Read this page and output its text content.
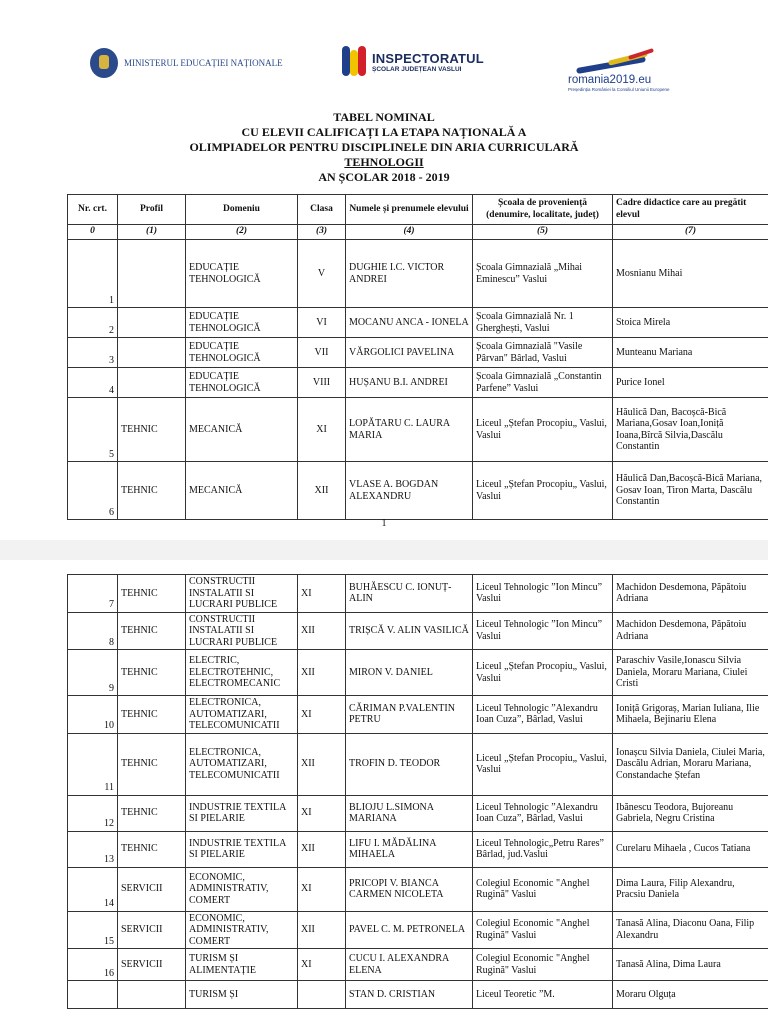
MINISTERUL EDUCAȚIEI NAȚIONALE	INSPECTORATUL
ȘCOLAR JUDEȚEAN VASLUI
romania2019.eu
Președinția României la Consiliul Uniunii Europene
TABEL NOMINAL
CU ELEVII CALIFICAȚI LA ETAPA NAȚIONALĂ A
OLIMPIADELOR PENTRU DISCIPLINELE DIN ARIA CURRICULARĂ
TEHNOLOGII
AN ȘCOLAR 2018 - 2019
Nr. crt.	Profil	Domeniu	Clasa	Numele și prenumele elevului	Școala de proveniență (denumire, localitate, județ)	Cadre didactice care au pregătit elevul
0	(1)	(2)	(3)	(4)	(5)	(7)
1		EDUCAȚIE TEHNOLOGICĂ	V	DUGHIE I.C. VICTOR ANDREI	Școala Gimnazială „Mihai Eminescu” Vaslui	Mosnianu Mihai
2		EDUCAȚIE TEHNOLOGICĂ	VI	MOCANU ANCA - IONELA	Școala Gimnazială Nr. 1 Gherghești, Vaslui	Stoica Mirela
3		EDUCAȚIE TEHNOLOGICĂ	VII	VĂRGOLICI PAVELINA	Școala Gimnazială "Vasile Pârvan" Bârlad, Vaslui	Munteanu Mariana
4		EDUCAȚIE TEHNOLOGICĂ	VIII	HUȘANU B.I. ANDREI	Școala Gimnazială „Constantin Parfene” Vaslui	Purice Ionel
5	TEHNIC	MECANICĂ	XI	LOPĂTARU C. LAURA MARIA	Liceul „Ștefan Procopiu„ Vaslui, Vaslui	Hăulică Dan, Bacoșcă-Bică Mariana,Gosav Ioan,Ioniță Ioana,Bîrcă Silvia,Dascălu Constantin
6	TEHNIC	MECANICĂ	XII	VLASE A. BOGDAN ALEXANDRU	Liceul „Ștefan Procopiu„ Vaslui, Vaslui	Hăulică Dan,Bacoșcă-Bică Mariana, Gosav Ioan, Tiron Marta, Dascălu Constantin
1
7	TEHNIC	CONSTRUCTII INSTALATII SI LUCRARI PUBLICE	XI	BUHĂESCU C. IONUȚ-ALIN	Liceul Tehnologic ”Ion Mincu” Vaslui	Machidon Desdemona, Păpătoiu Adriana
8	TEHNIC	CONSTRUCTII INSTALATII SI LUCRARI PUBLICE	XII	TRIȘCĂ V. ALIN VASILICĂ	Liceul Tehnologic ”Ion Mincu” Vaslui	Machidon Desdemona, Păpătoiu Adriana
9	TEHNIC	ELECTRIC, ELECTROTEHNIC, ELECTROMECANIC	XII	MIRON V. DANIEL	Liceul „Ștefan Procopiu„ Vaslui, Vaslui	Paraschiv Vasile,Ionascu Silvia Daniela, Moraru Mariana, Ciulei Cristi
10	TEHNIC	ELECTRONICA, AUTOMATIZARI, TELECOMUNICATII	XI	CĂRIMAN P.VALENTIN PETRU	Liceul Tehnologic ”Alexandru Ioan Cuza”, Bârlad, Vaslui	Ioniță Grigoraș, Marian Iuliana, Ilie Mihaela, Bejinariu Elena
11	TEHNIC	ELECTRONICA, AUTOMATIZARI, TELECOMUNICATII	XII	TROFIN D. TEODOR	Liceul „Ștefan Procopiu„ Vaslui, Vaslui	Ionașcu Silvia Daniela, Ciulei Maria, Dascălu Adrian, Moraru Mariana, Constandache Ștefan
12	TEHNIC	INDUSTRIE TEXTILA SI PIELARIE	XI	BLIOJU L.SIMONA MARIANA	Liceul Tehnologic ”Alexandru Ioan Cuza”, Bârlad, Vaslui	Ibănescu Teodora, Bujoreanu Gabriela, Negru Cristina
13	TEHNIC	INDUSTRIE TEXTILA SI PIELARIE	XII	LIFU I. MĂDĂLINA MIHAELA	Liceul Tehnologic„Petru Rares” Bârlad, jud.Vaslui	Curelaru Mihaela , Cucos Tatiana
14	SERVICII	ECONOMIC, ADMINISTRATIV, COMERT	XI	PRICOPI V. BIANCA CARMEN NICOLETA	Colegiul Economic "Anghel Rugină" Vaslui	Dima Laura, Filip Alexandru, Pracsiu Daniela
15	SERVICII	ECONOMIC, ADMINISTRATIV, COMERT	XII	PAVEL C. M. PETRONELA	Colegiul Economic "Anghel Rugină" Vaslui	Tanasă Alina, Diaconu Oana, Filip Alexandru
16	SERVICII	TURISM ȘI ALIMENTAȚIE	XI	CUCU I. ALEXANDRA ELENA	Colegiul Economic "Anghel Rugină" Vaslui	Tanasă Alina, Dima Laura
		TURISM ȘI		STAN D. CRISTIAN	Liceul Teoretic ”M.	Moraru Olguța
